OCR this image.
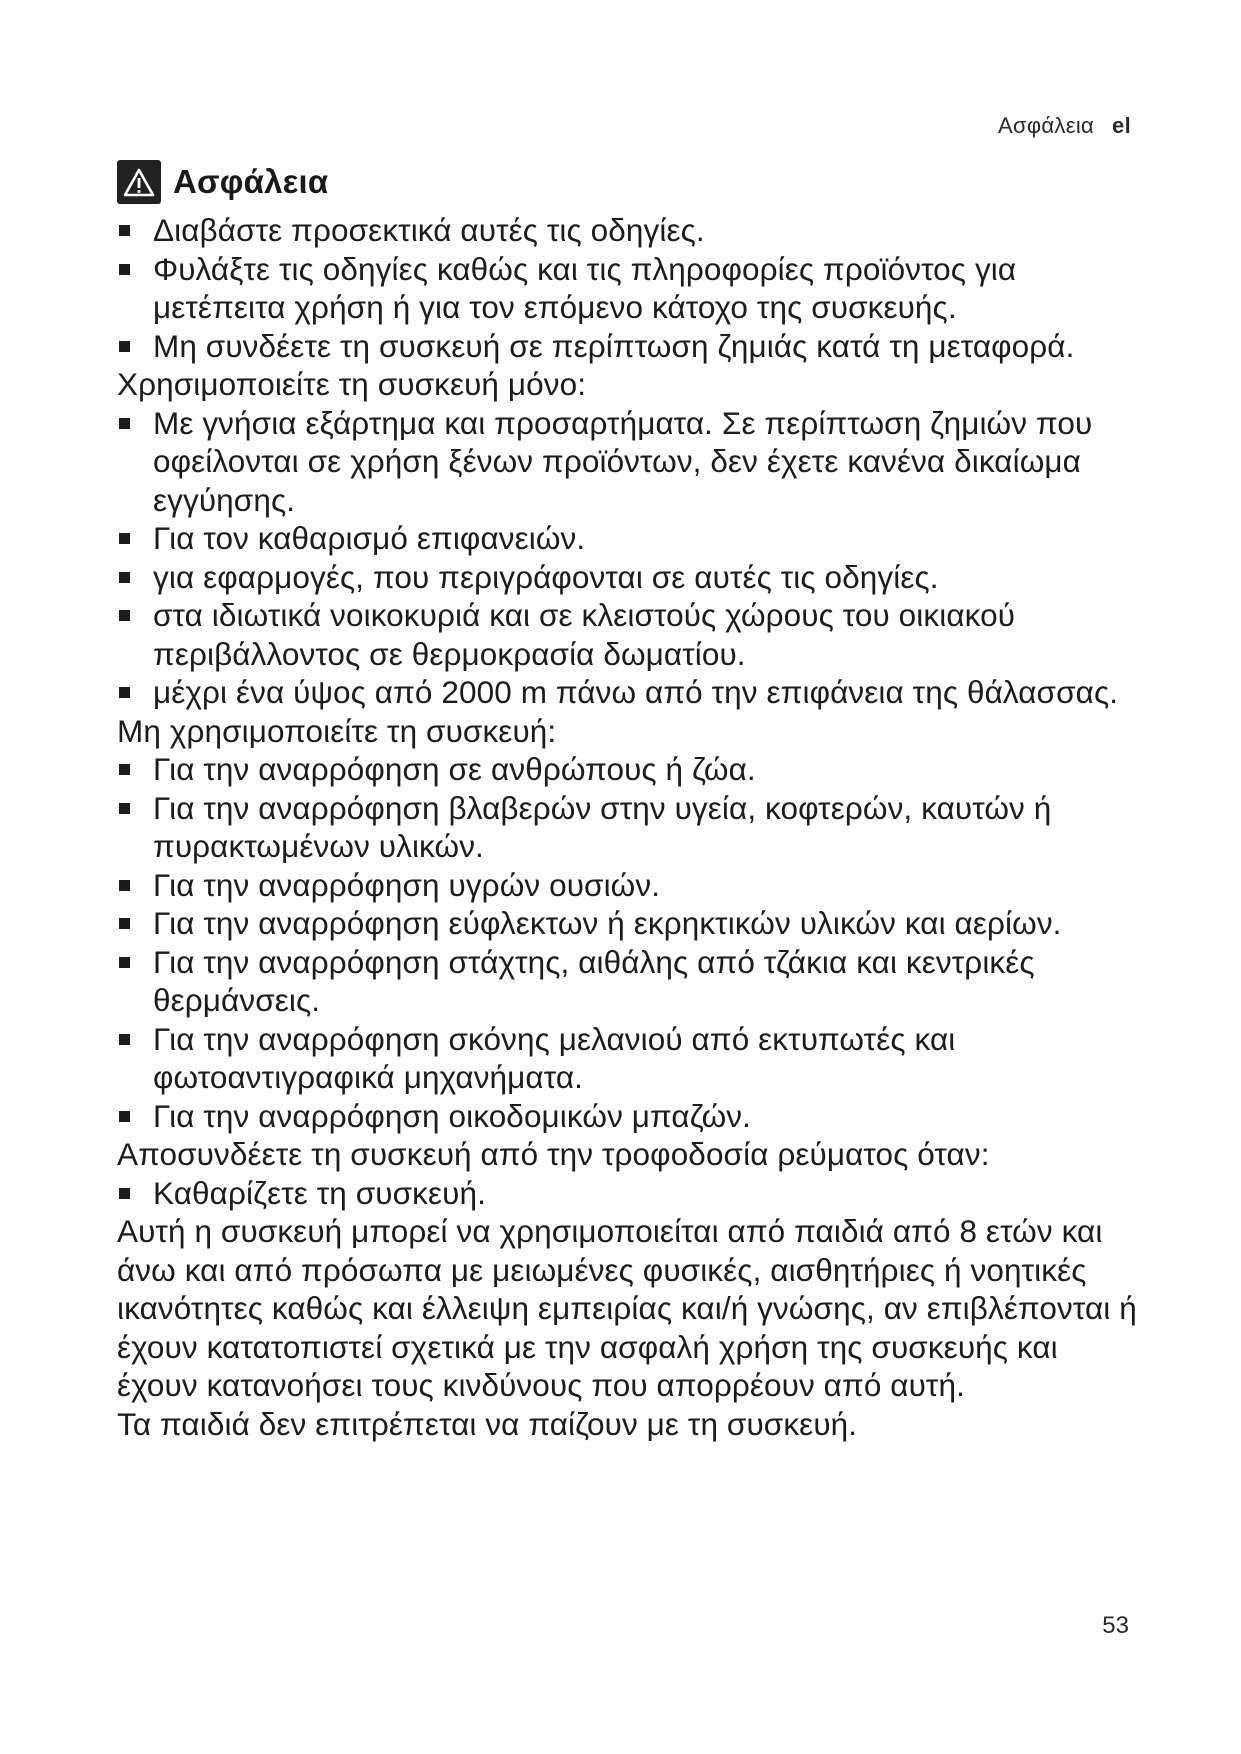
Ασφάλεια el
Ασφάλεια
Διαβάστε προσεκτικά αυτές τις οδηγίες.
Φυλάξτε τις οδηγίες καθώς και τις πληροφορίες προϊόντος για μετέπειτα χρήση ή για τον επόμενο κάτοχο της συσκευής.
Μη συνδέετε τη συσκευή σε περίπτωση ζημιάς κατά τη μεταφορά.
Χρησιμοποιείτε τη συσκευή μόνο:
Με γνήσια εξάρτημα και προσαρτήματα. Σε περίπτωση ζημιών που οφείλονται σε χρήση ξένων προϊόντων, δεν έχετε κανένα δικαίωμα εγγύησης.
Για τον καθαρισμό επιφανειών.
για εφαρμογές, που περιγράφονται σε αυτές τις οδηγίες.
στα ιδιωτικά νοικοκυριά και σε κλειστούς χώρους του οικιακού περιβάλλοντος σε θερμοκρασία δωματίου.
μέχρι ένα ύψος από 2000 m πάνω από την επιφάνεια της θάλασσας.
Μη χρησιμοποιείτε τη συσκευή:
Για την αναρρόφηση σε ανθρώπους ή ζώα.
Για την αναρρόφηση βλαβερών στην υγεία, κοφτερών, καυτών ή πυρακτωμένων υλικών.
Για την αναρρόφηση υγρών ουσιών.
Για την αναρρόφηση εύφλεκτων ή εκρηκτικών υλικών και αερίων.
Για την αναρρόφηση στάχτης, αιθάλης από τζάκια και κεντρικές θερμάνσεις.
Για την αναρρόφηση σκόνης μελανιού από εκτυπωτές και φωτοαντιγραφικά μηχανήματα.
Για την αναρρόφηση οικοδομικών μπαζών.
Αποσυνδέετε τη συσκευή από την τροφοδοσία ρεύματος όταν:
Καθαρίζετε τη συσκευή.
Αυτή η συσκευή μπορεί να χρησιμοποιείται από παιδιά από 8 ετών και άνω και από πρόσωπα με μειωμένες φυσικές, αισθητήριες ή νοητικές ικανότητες καθώς και έλλειψη εμπειρίας και/ή γνώσης, αν επιβλέπονται ή έχουν κατατοπιστεί σχετικά με την ασφαλή χρήση της συσκευής και έχουν κατανοήσει τους κινδύνους που απορρέουν από αυτή.
Τα παιδιά δεν επιτρέπεται να παίζουν με τη συσκευή.
53
